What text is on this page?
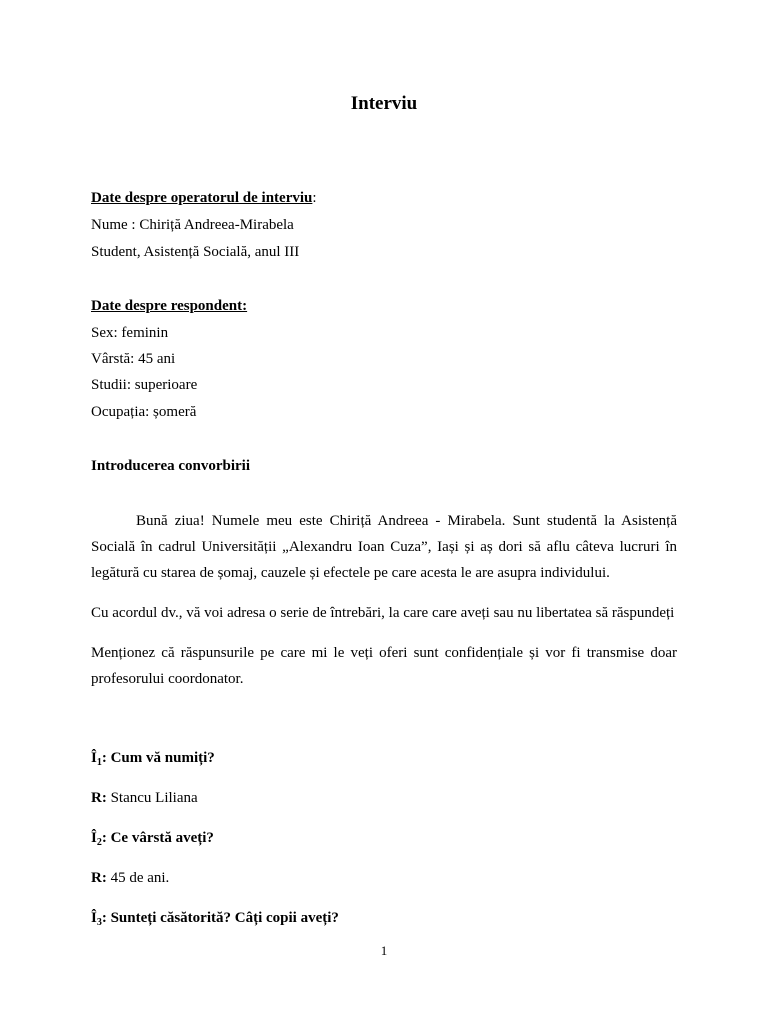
Interviu
Date despre operatorul de interviu:
Nume : Chiriță Andreea-Mirabela
Student, Asistență Socială, anul III
Date despre respondent:
Sex: feminin
Vârstă: 45 ani
Studii: superioare
Ocupația: șomeră
Introducerea convorbirii
Bună ziua! Numele meu este Chiriță Andreea - Mirabela. Sunt studentă la Asistență Socială în cadrul Universității „Alexandru Ioan Cuza”, Iași și aș dori să aflu câteva lucruri în legătură cu starea de șomaj, cauzele și efectele pe care acesta le are asupra individului.
Cu acordul dv., vă voi adresa o serie de întrebări, la care care aveți sau nu libertatea să răspundeți
Menționez că răspunsurile pe care mi le veți oferi sunt confidențiale și vor fi transmise doar profesorului coordonator.
$Î_1$: Cum vă numiți?
R: Stancu Liliana
$Î_2$: Ce vârstă aveți?
R: 45 de ani.
$Î_3$: Sunteți căsătorită? Câți copii aveți?
1
